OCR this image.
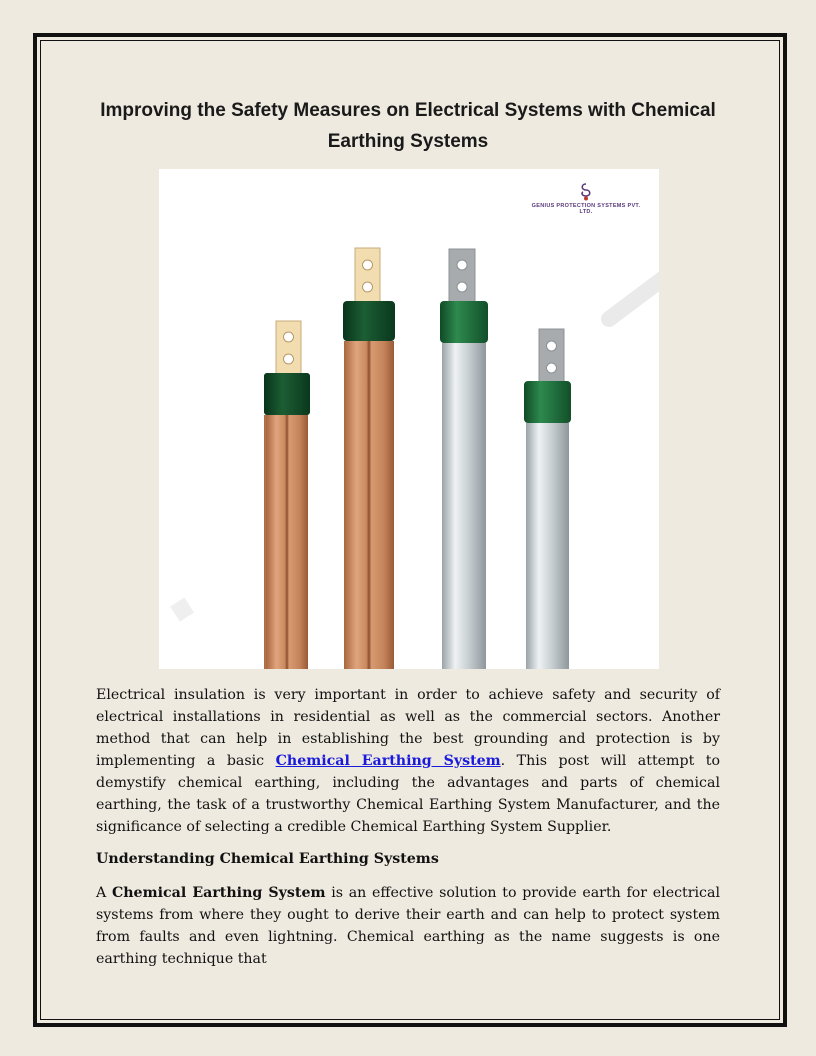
Improving the Safety Measures on Electrical Systems with Chemical Earthing Systems
GENIUS PROTECTION SYSTEMS PVT. LTD.

Electrical insulation is very important in order to achieve safety and security of electrical installations in residential as well as the commercial sectors. Another method that can help in establishing the best grounding and protection is by implementing a basic Chemical Earthing System. This post will attempt to demystify chemical earthing, including the advantages and parts of chemical earthing, the task of a trustworthy Chemical Earthing System Manufacturer, and the significance of selecting a credible Chemical Earthing System Supplier.

Understanding Chemical Earthing Systems

A Chemical Earthing System is an effective solution to provide earth for electrical systems from where they ought to derive their earth and can help to protect system from faults and even lightning. Chemical earthing as the name suggests is one earthing technique that
